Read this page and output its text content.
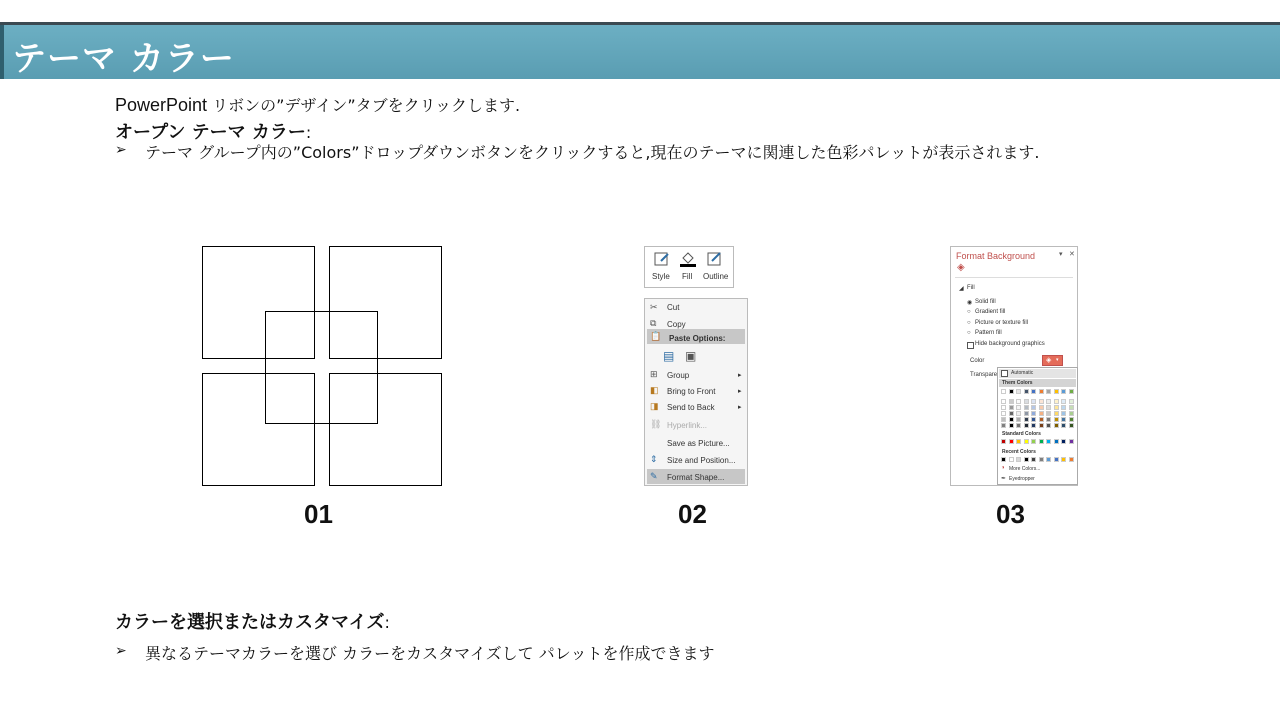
テーマ カラー
PowerPoint リボンの”デザイン”タブをクリックします.
オープン テーマ カラー:
➢ テーマ グループ内の”Colors”ドロップダウンボタンをクリックすると,現在のテーマに関連した色彩パレットが表示されます.
01
Style Fill Outline
✂ Cut
⧉ Copy
📋 Paste Options:
▤ ▣
⊞ Group	▸
◧ Bring to Front	▸
◨ Send to Back	▸
⛓ Hyperlink...
Save as Picture...
⇕ Size and Position...
✎ Format Shape...
02
Format Background	▾ ✕
◈
◢ Fill
◉ Solid fill
○ Gradient fill
○ Picture or texture fill
○ Pattern fill
Hide background graphics
Color	◈ ▾
Transpare	Automatic
Them Colors
Standard Colors
Recent Colors
◑ More Colors...
✒ Eyedropper
03
カラーを選択またはカスタマイズ:
➢ 異なるテーマカラーを選び カラーをカスタマイズして パレットを作成できます
